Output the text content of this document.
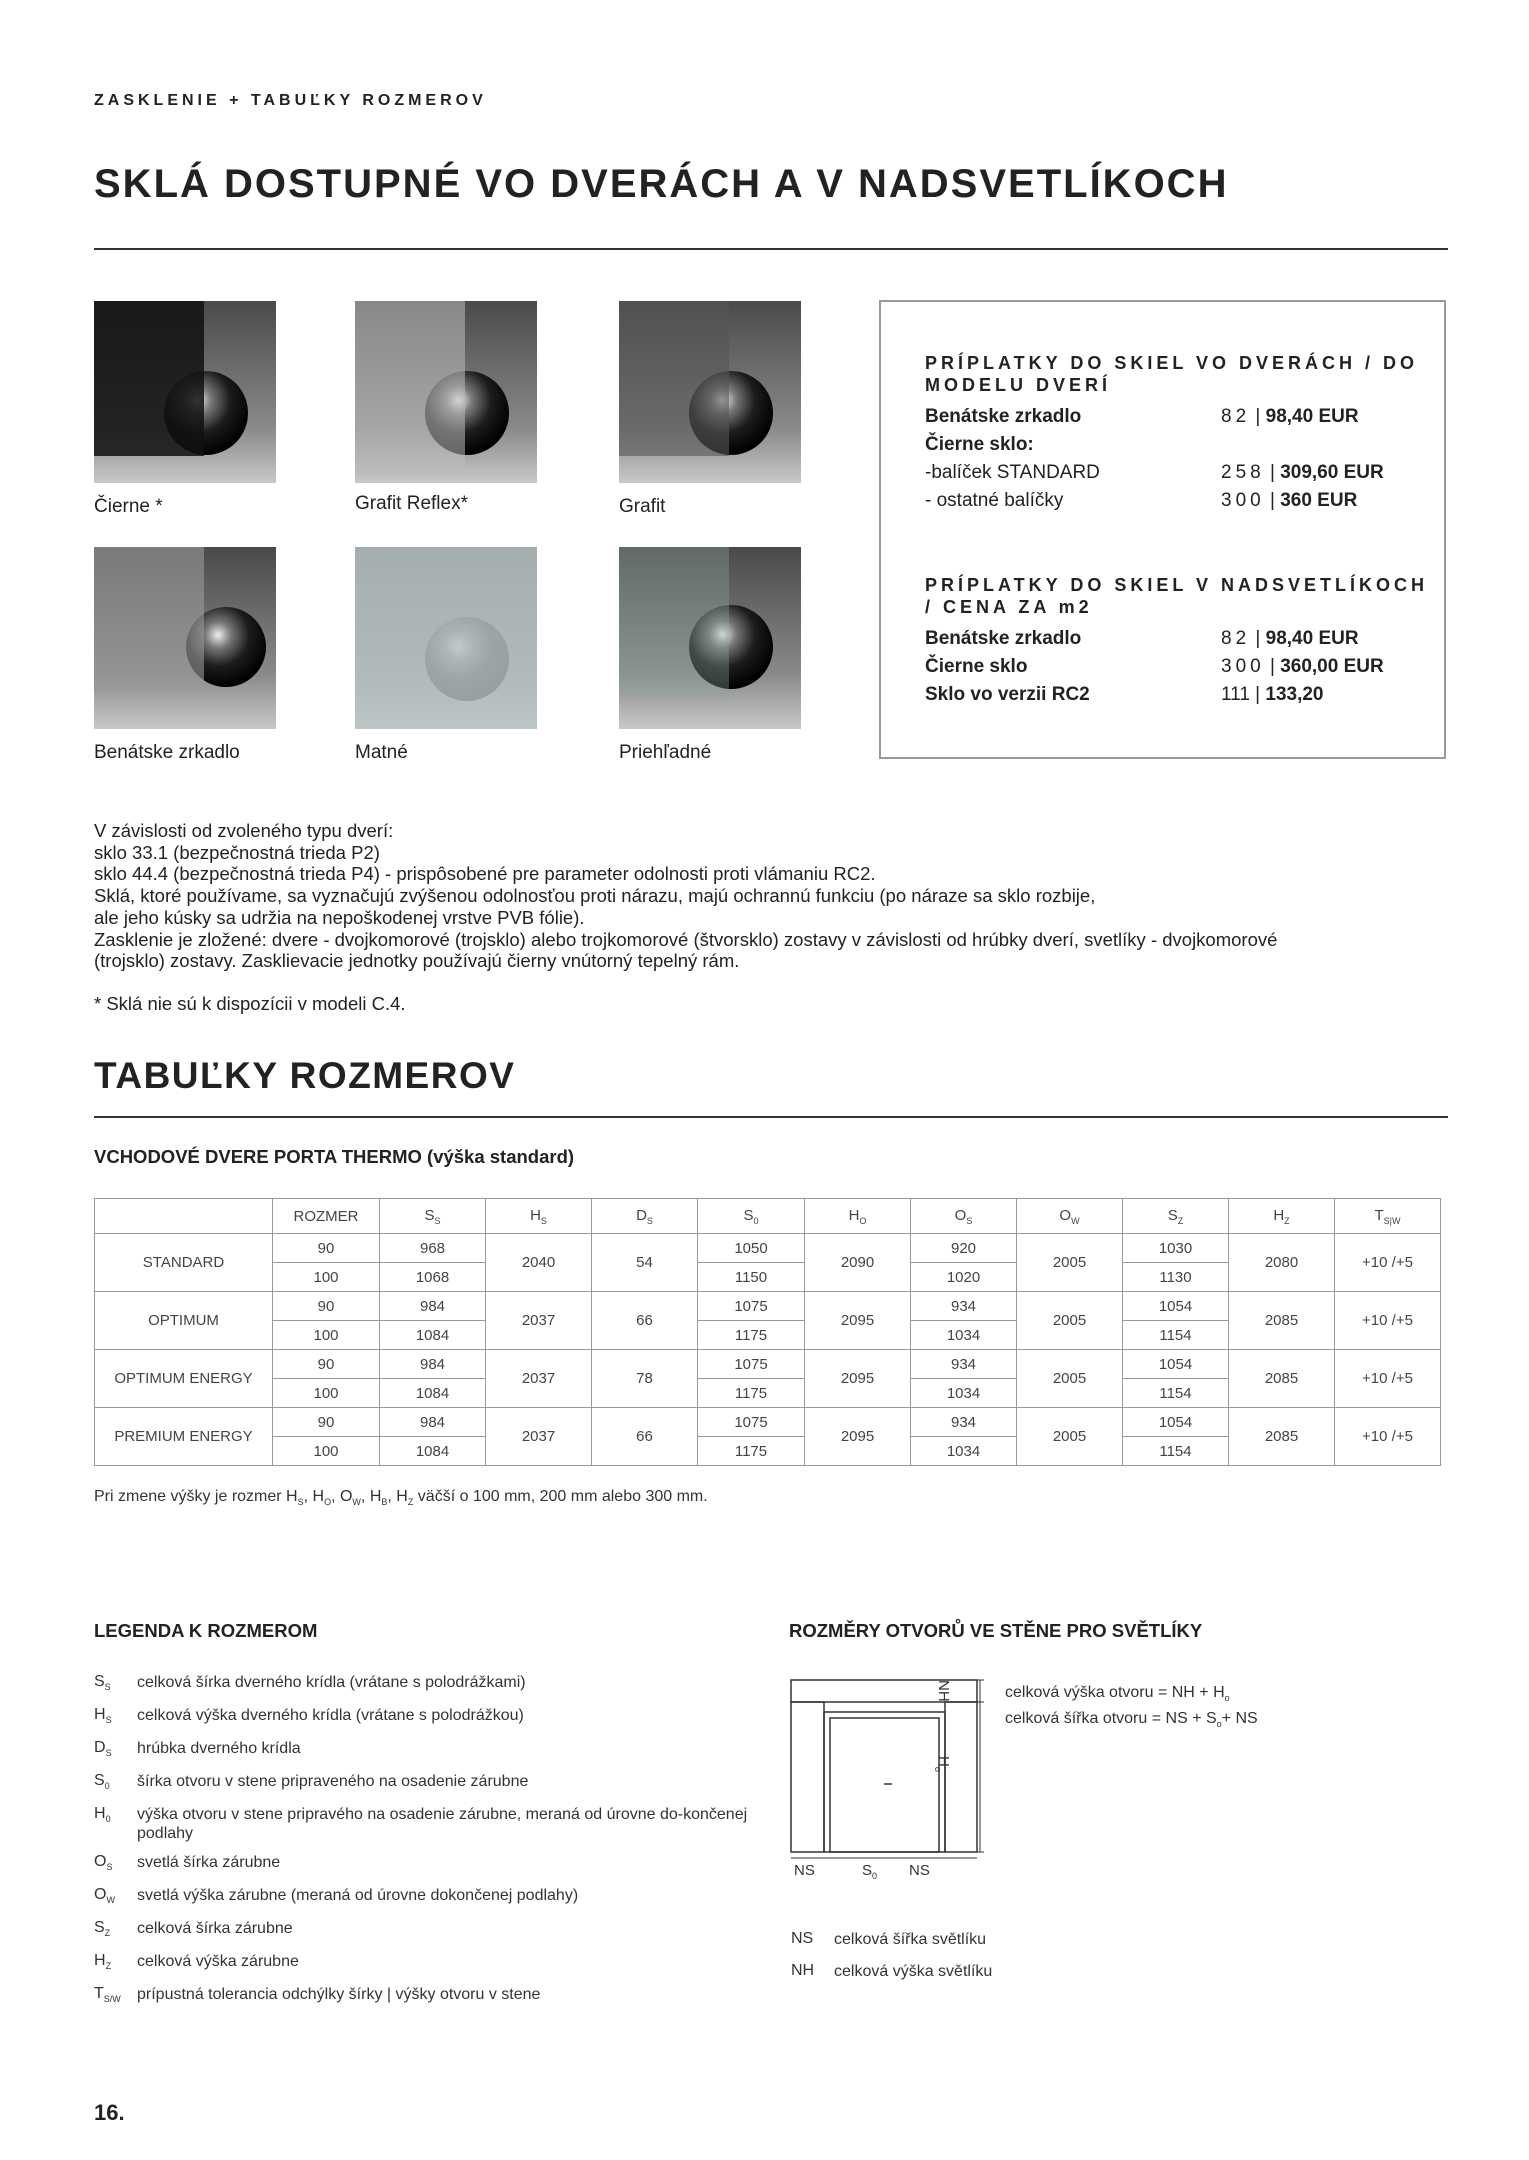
ZASKLENIE + TABUĽKY ROZMEROV
SKLÁ DOSTUPNÉ VO DVERÁCH A V NADSVETLÍKOCH
Čierne *	Grafit Reflex*	Grafit
Benátske zrkadlo	Matné	Priehľadné
PRÍPLATKY DO SKIEL VO DVERÁCH / DO MODELU DVERÍ
Benátske zrkadlo	82 | 98,40 EUR
Čierne sklo:
-balíček STANDARD	258 | 309,60 EUR
- ostatné balíčky	300 | 360 EUR
PRÍPLATKY DO SKIEL V NADSVETLÍKOCH / CENA ZA m2
Benátske zrkadlo	82 | 98,40 EUR
Čierne sklo	300 | 360,00 EUR
Sklo vo verzii RC2	111 | 133,20
V závislosti od zvoleného typu dverí:
sklo 33.1 (bezpečnostná trieda P2)
sklo 44.4 (bezpečnostná trieda P4) - prispôsobené pre parameter odolnosti proti vlámaniu RC2.
Sklá, ktoré používame, sa vyznačujú zvýšenou odolnosťou proti nárazu, majú ochrannú funkciu (po náraze sa sklo rozbije,
ale jeho kúsky sa udržia na nepoškodenej vrstve PVB fólie).
Zasklenie je zložené: dvere - dvojkomorové (trojsklo) alebo trojkomorové (štvorsklo) zostavy v závislosti od hrúbky dverí, svetlíky - dvojkomorové
(trojsklo) zostavy. Zasklievacie jednotky používajú čierny vnútorný tepelný rám.
* Sklá nie sú k dispozícii v modeli C.4.
TABUĽKY ROZMEROV
VCHODOVÉ DVERE PORTA THERMO (výška standard)
	ROZMER	$S_S$	$H_S$	$D_S$	$S_0$	$H_O$	$O_S$	$O_W$	$S_Z$	$H_Z$	$T_{S|W}$
STANDARD	90	968	2040	54	1050	2090	920	2005	1030	2080	+10 /+5
	100	1068			1150		1020		1130		
OPTIMUM	90	984	2037	66	1075	2095	934	2005	1054	2085	+10 /+5
	100	1084			1175		1034		1154		
OPTIMUM ENERGY	90	984	2037	78	1075	2095	934	2005	1054	2085	+10 /+5
	100	1084			1175		1034		1154		
PREMIUM ENERGY	90	984	2037	66	1075	2095	934	2005	1054	2085	+10 /+5
	100	1084			1175		1034		1154		
Pri zmene výšky je rozmer $H_S$, $H_O$, $O_W$, $H_B$, $H_Z$ väčší o 100 mm, 200 mm alebo 300 mm.
LEGENDA K ROZMEROM
$S_S$ celková šírka dverného krídla (vrátane s polodrážkami)
$H_S$ celková výška dverného krídla (vrátane s polodrážkou)
$D_S$ hrúbka dverného krídla
$S_0$ šírka otvoru v stene pripraveného na osadenie zárubne
$H_0$ výška otvoru v stene pripravého na osadenie zárubne, meraná od úrovne do-končenej podlahy
$O_S$ svetlá šírka zárubne
$O_W$ svetlá výška zárubne (meraná od úrovne dokončenej podlahy)
$S_Z$ celková šírka zárubne
$H_Z$ celková výška zárubne
$T_{S/W}$ prípustná tolerancia odchýlky šírky | výšky otvoru v stene
ROZMĚRY OTVORŮ VE STĚNE PRO SVĚTLÍKY
NH
$H_o$
NS	$S_0$ NS
celková výška otvoru = NH + $H_o$
celková šířka otvoru = NS + $S_o+$ NS
NS celková šířka světlíku
NH celková výška světlíku
16.
